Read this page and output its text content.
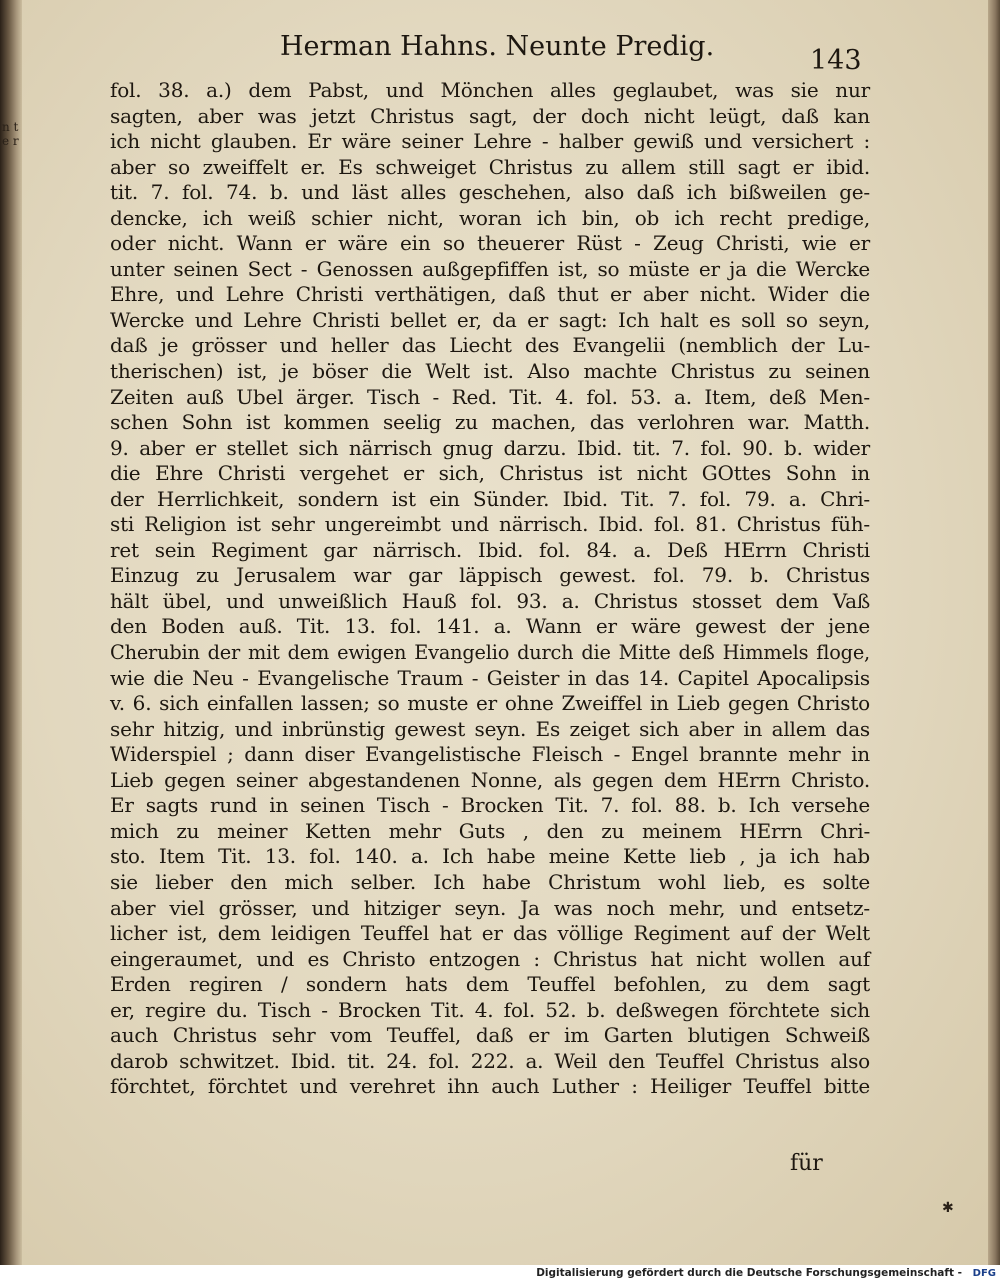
n t e r
Herman Hahns. Neunte Predig.	143
fol. 38. a.) dem Pabst, und Mönchen alles geglaubet, was sie nur
sagten, aber was jetzt Christus sagt, der doch nicht leügt, daß kan
ich nicht glauben. Er wäre seiner Lehre - halber gewiß und versichert :
aber so zweiffelt er. Es schweiget Christus zu allem still sagt er ibid.
tit. 7. fol. 74. b. und läst alles geschehen, also daß ich bißweilen ge-
dencke, ich weiß schier nicht, woran ich bin, ob ich recht predige,
oder nicht. Wann er wäre ein so theuerer Rüst - Zeug Christi, wie er
unter seinen Sect - Genossen außgepfiffen ist, so müste er ja die Wercke
Ehre, und Lehre Christi verthätigen, daß thut er aber nicht. Wider die
Wercke und Lehre Christi bellet er, da er sagt: Ich halt es soll so seyn,
daß je grösser und heller das Liecht des Evangelii (nemblich der Lu-
therischen) ist, je böser die Welt ist. Also machte Christus zu seinen
Zeiten auß Ubel ärger. Tisch - Red. Tit. 4. fol. 53. a. Item, deß Men-
schen Sohn ist kommen seelig zu machen, das verlohren war. Matth.
9. aber er stellet sich närrisch gnug darzu. Ibid. tit. 7. fol. 90. b. wider
die Ehre Christi vergehet er sich, Christus ist nicht GOttes Sohn in
der Herrlichkeit, sondern ist ein Sünder. Ibid. Tit. 7. fol. 79. a. Chri-
sti Religion ist sehr ungereimbt und närrisch. Ibid. fol. 81. Christus füh-
ret sein Regiment gar närrisch. Ibid. fol. 84. a. Deß HErrn Christi
Einzug zu Jerusalem war gar läppisch gewest. fol. 79. b. Christus
hält übel, und unweißlich Hauß fol. 93. a. Christus stosset dem Vaß
den Boden auß. Tit. 13. fol. 141. a. Wann er wäre gewest der jene
Cherubin der mit dem ewigen Evangelio durch die Mitte deß Himmels floge,
wie die Neu - Evangelische Traum - Geister in das 14. Capitel Apocalipsis
v. 6. sich einfallen lassen; so muste er ohne Zweiffel in Lieb gegen Christo
sehr hitzig, und inbrünstig gewest seyn. Es zeiget sich aber in allem das
Widerspiel ; dann diser Evangelistische Fleisch - Engel brannte mehr in
Lieb gegen seiner abgestandenen Nonne, als gegen dem HErrn Christo.
Er sagts rund in seinen Tisch - Brocken Tit. 7. fol. 88. b. Ich versehe
mich zu meiner Ketten mehr Guts , den zu meinem HErrn Chri-
sto. Item Tit. 13. fol. 140. a. Ich habe meine Kette lieb , ja ich hab
sie lieber den mich selber. Ich habe Christum wohl lieb, es solte
aber viel grösser, und hitziger seyn. Ja was noch mehr, und entsetz-
licher ist, dem leidigen Teuffel hat er das völlige Regiment auf der Welt
eingeraumet, und es Christo entzogen : Christus hat nicht wollen auf
Erden regiren / sondern hats dem Teuffel befohlen, zu dem sagt
er, regire du. Tisch - Brocken Tit. 4. fol. 52. b. deßwegen förchtete sich
auch Christus sehr vom Teuffel, daß er im Garten blutigen Schweiß
darob schwitzet. Ibid. tit. 24. fol. 222. a. Weil den Teuffel Christus also
förchtet, förchtet und verehret ihn auch Luther : Heiliger Teuffel bitte
für
✱
Digitalisierung gefördert durch die Deutsche Forschungsgemeinschaft - DFG
